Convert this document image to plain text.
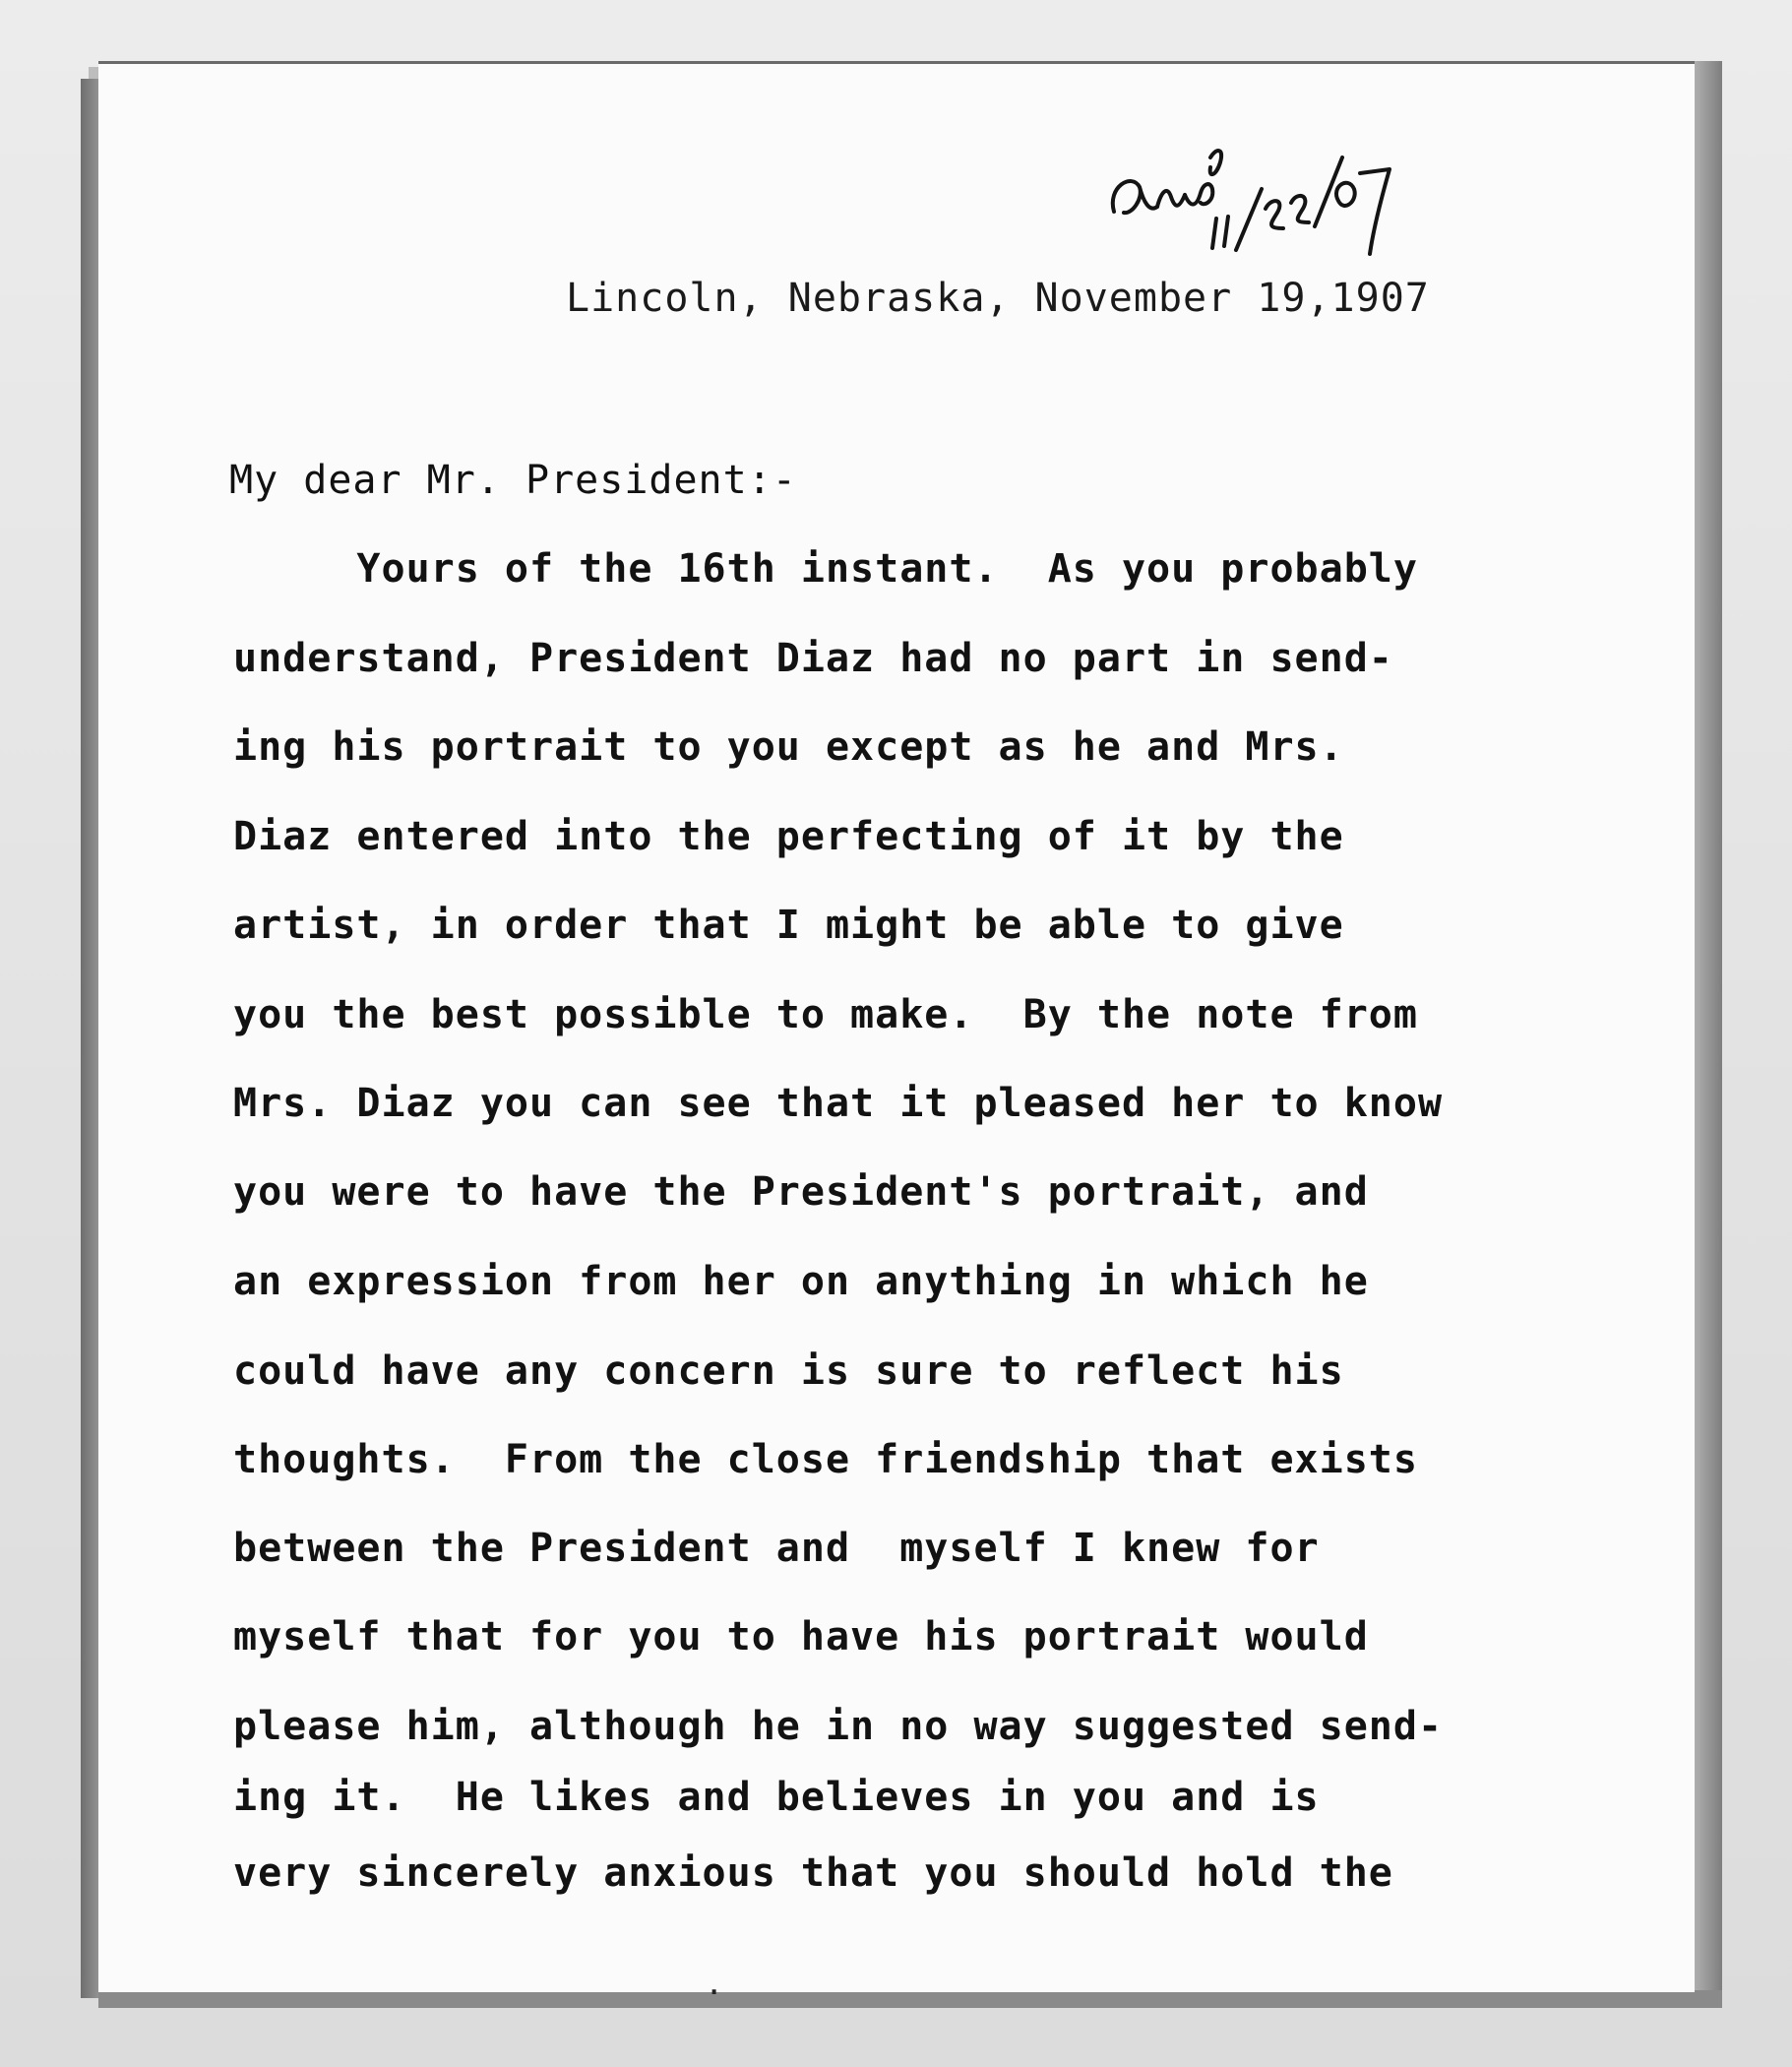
Lincoln, Nebraska, November 19,1907
My dear Mr. President:-
Yours of the 16th instant.  As you probably
understand, President Diaz had no part in send-
ing his portrait to you except as he and Mrs.
Diaz entered into the perfecting of it by the
artist, in order that I might be able to give
you the best possible to make.  By the note from
Mrs. Diaz you can see that it pleased her to know
you were to have the President's portrait, and
an expression from her on anything in which he
could have any concern is sure to reflect his
thoughts.  From the close friendship that exists
between the President and  myself I knew for
myself that for you to have his portrait would
please him, although he in no way suggested send-
ing it.  He likes and believes in you and is
very sincerely anxious that you should hold the
.
